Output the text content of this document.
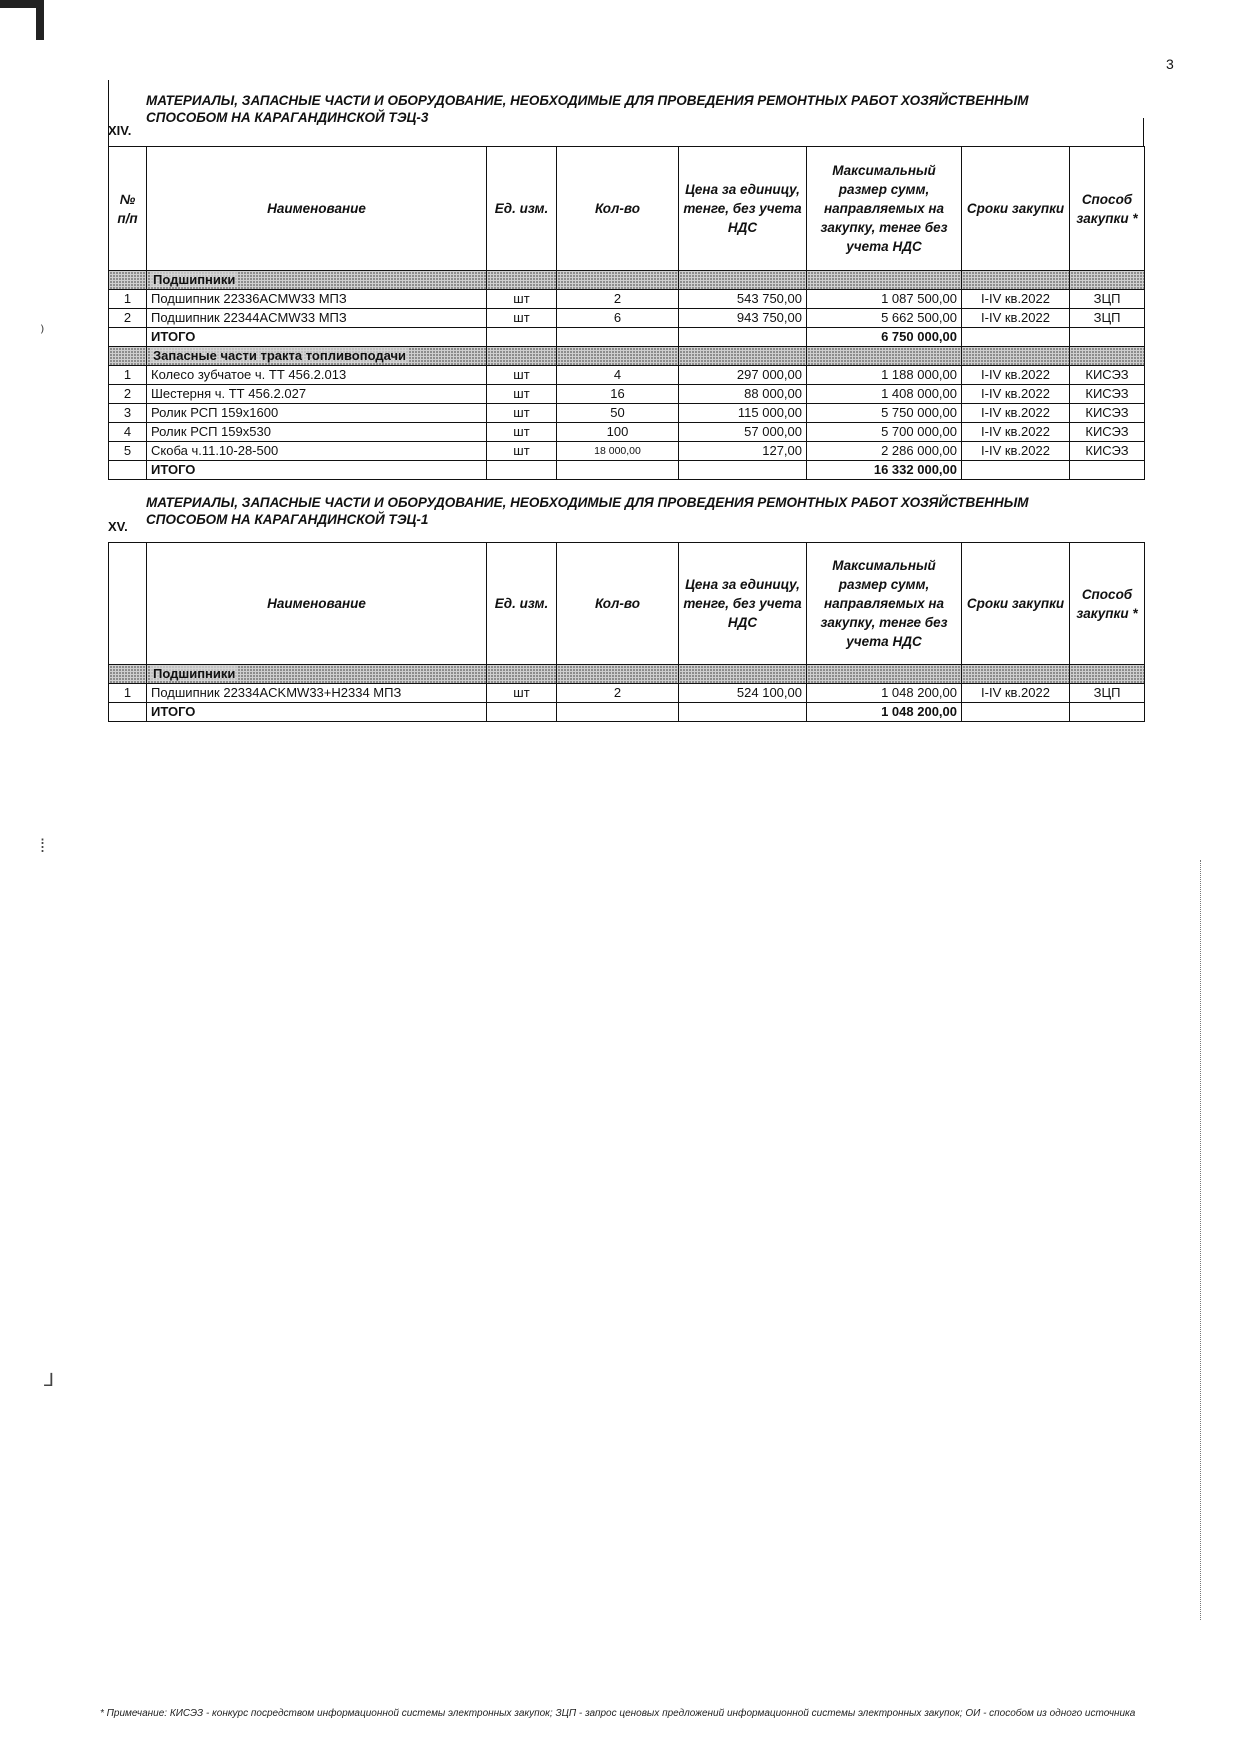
3
⁾
⁞
⅃
XIV.
МАТЕРИАЛЫ, ЗАПАСНЫЕ ЧАСТИ И ОБОРУДОВАНИЕ, НЕОБХОДИМЫЕ ДЛЯ ПРОВЕДЕНИЯ РЕМОНТНЫХ РАБОТ ХОЗЯЙСТВЕННЫМ СПОСОБОМ НА КАРАГАНДИНСКОЙ ТЭЦ-3
№ п/п	Наименование	Ед. изм.	Кол-во	Цена за единицу, тенге, без учета НДС	Максимальный размер сумм, направляемых на закупку, тенге без учета НДС	Сроки закупки	Способ закупки *
	Подшипники						
1	Подшипник 22336ACMW33 МПЗ	шт	2	543 750,00	1 087 500,00	I-IV кв.2022	ЗЦП
2	Подшипник 22344ACMW33 МПЗ	шт	6	943 750,00	5 662 500,00	I-IV кв.2022	ЗЦП
	ИТОГО				6 750 000,00		
	Запасные части тракта топливоподачи						
1	Колесо зубчатое ч. ТТ 456.2.013	шт	4	297 000,00	1 188 000,00	I-IV кв.2022	КИСЭЗ
2	Шестерня ч. ТТ 456.2.027	шт	16	88 000,00	1 408 000,00	I-IV кв.2022	КИСЭЗ
3	Ролик РСП 159х1600	шт	50	115 000,00	5 750 000,00	I-IV кв.2022	КИСЭЗ
4	Ролик РСП 159х530	шт	100	57 000,00	5 700 000,00	I-IV кв.2022	КИСЭЗ
5	Скоба ч.11.10-28-500	шт	18 000,00	127,00	2 286 000,00	I-IV кв.2022	КИСЭЗ
	ИТОГО				16 332 000,00		
XV.
МАТЕРИАЛЫ, ЗАПАСНЫЕ ЧАСТИ И ОБОРУДОВАНИЕ, НЕОБХОДИМЫЕ ДЛЯ ПРОВЕДЕНИЯ РЕМОНТНЫХ РАБОТ ХОЗЯЙСТВЕННЫМ СПОСОБОМ НА КАРАГАНДИНСКОЙ ТЭЦ-1
	Наименование	Ед. изм.	Кол-во	Цена за единицу, тенге, без учета НДС	Максимальный размер сумм, направляемых на закупку, тенге без учета НДС	Сроки закупки	Способ закупки *
	Подшипники						
1	Подшипник 22334ACKMW33+H2334 МПЗ	шт	2	524 100,00	1 048 200,00	I-IV кв.2022	ЗЦП
	ИТОГО				1 048 200,00		
* Примечание: КИСЭЗ - конкурс посредством информационной системы электронных закупок; ЗЦП - запрос ценовых предложений информационной системы электронных закупок; ОИ - способом из одного источника
